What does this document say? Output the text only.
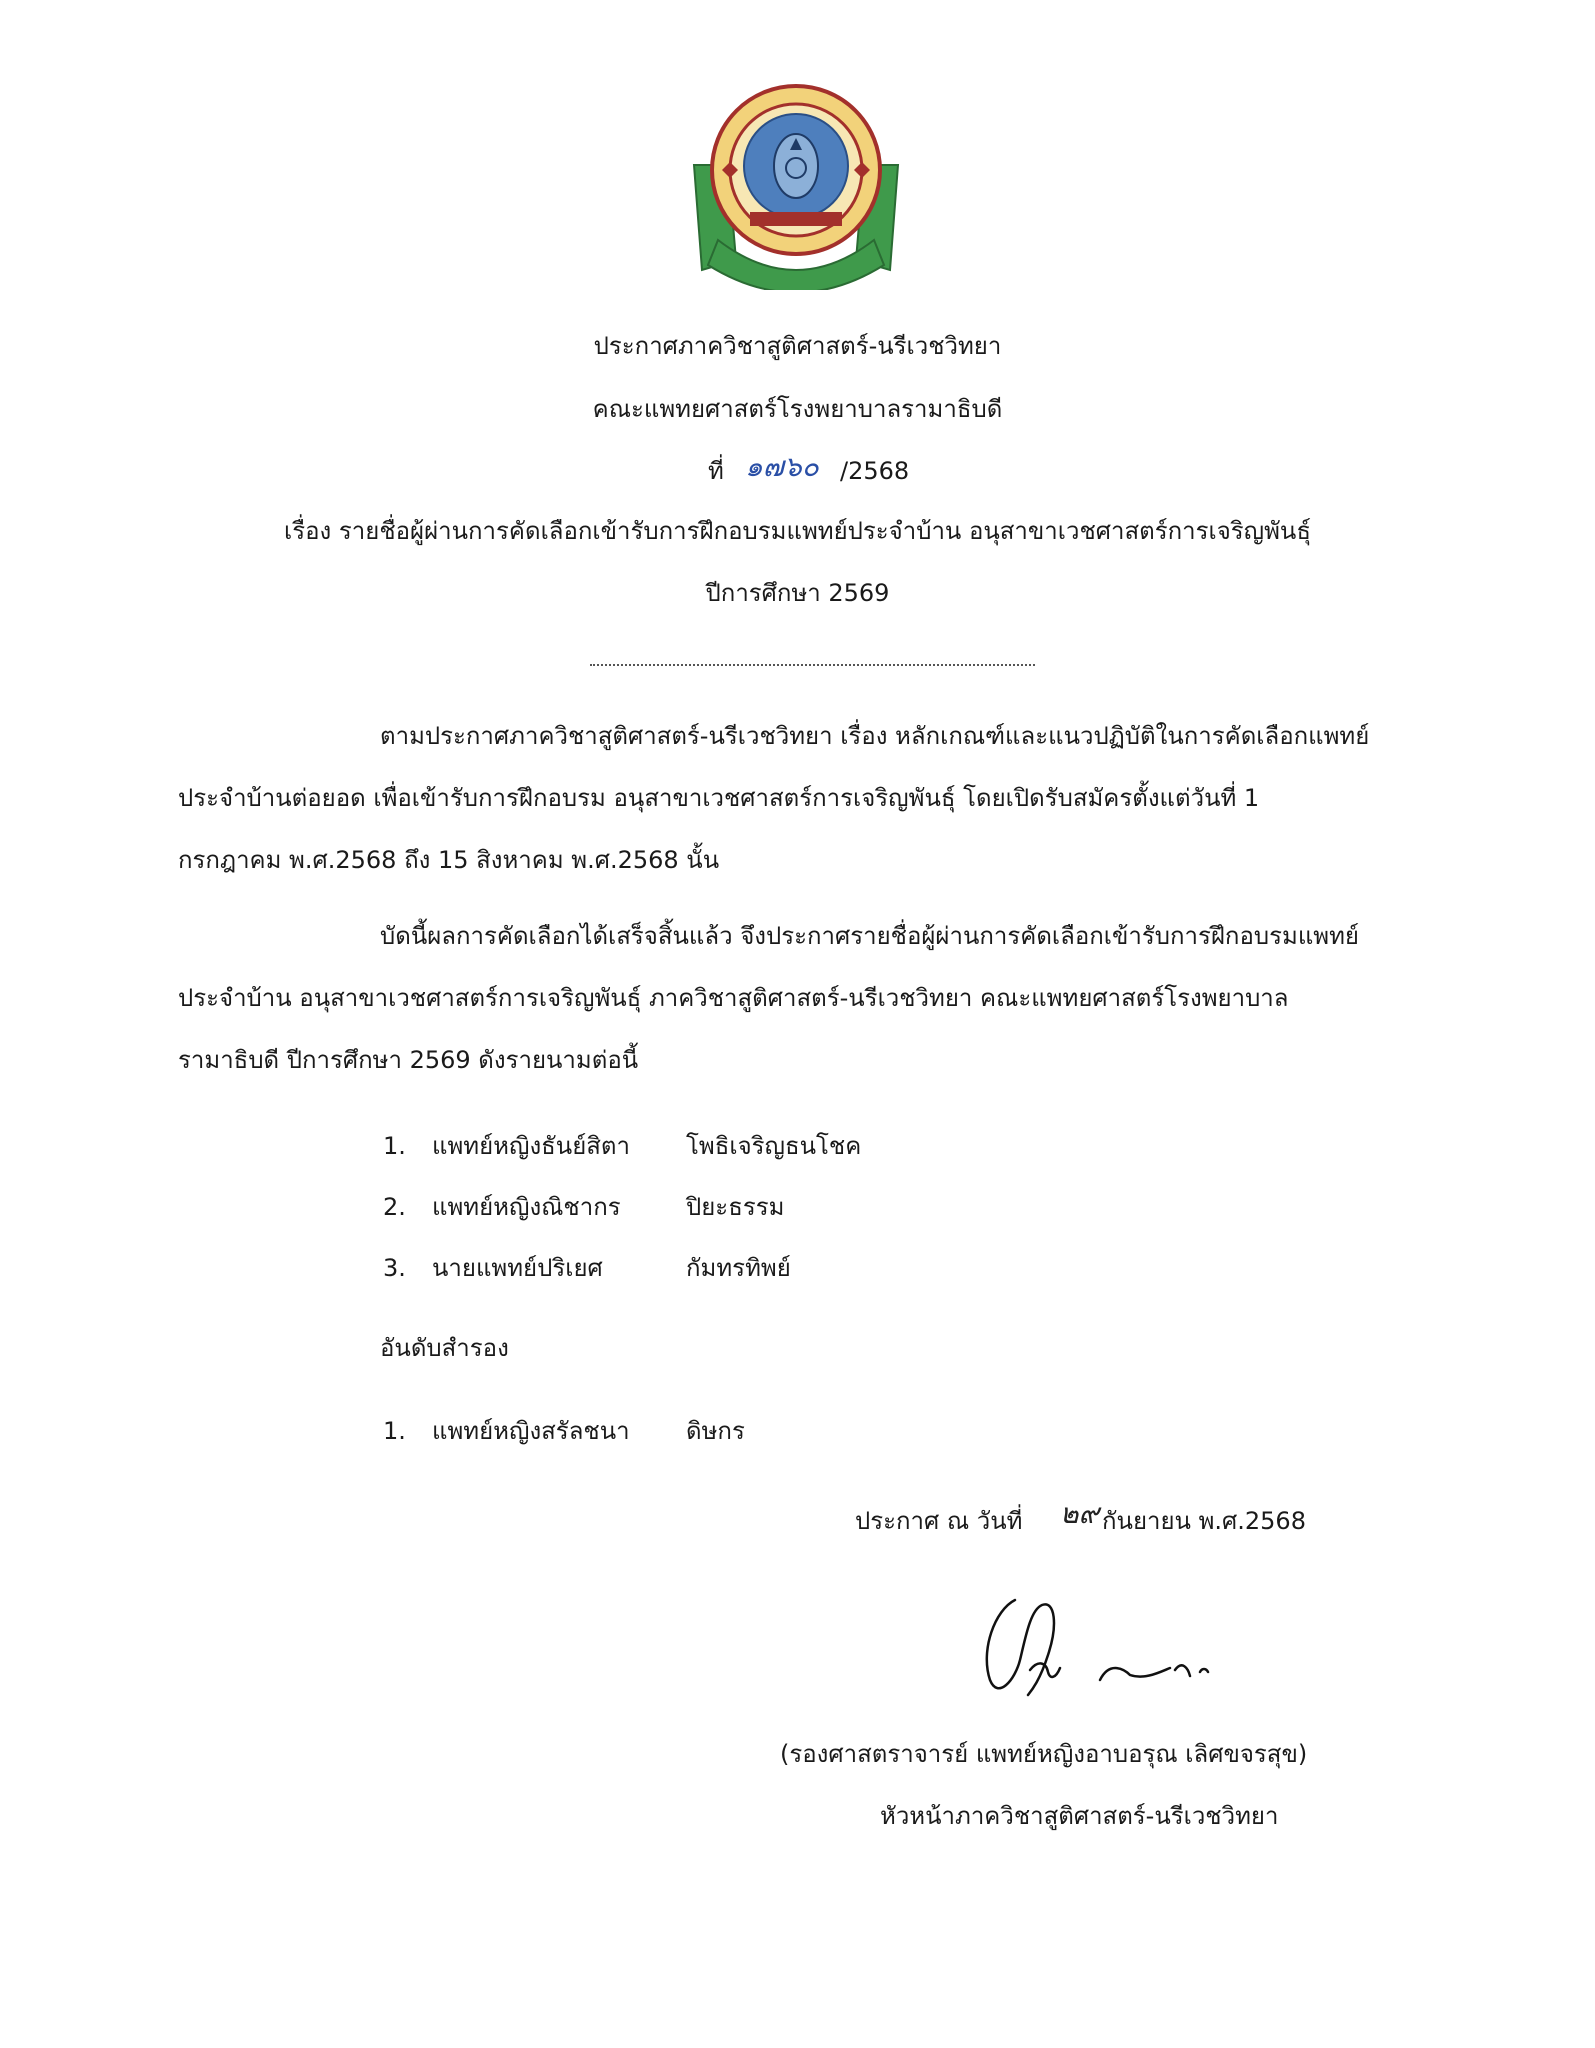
ประกาศภาควิชาสูติศาสตร์-นรีเวชวิทยา
คณะแพทยศาสตร์โรงพยาบาลรามาธิบดี
ที่ ๑๗๖๐ /2568
เรื่อง รายชื่อผู้ผ่านการคัดเลือกเข้ารับการฝึกอบรมแพทย์ประจำบ้าน อนุสาขาเวชศาสตร์การเจริญพันธุ์
ปีการศึกษา 2569
ตามประกาศภาควิชาสูติศาสตร์-นรีเวชวิทยา เรื่อง หลักเกณฑ์และแนวปฏิบัติในการคัดเลือกแพทย์
ประจำบ้านต่อยอด เพื่อเข้ารับการฝึกอบรม อนุสาขาเวชศาสตร์การเจริญพันธุ์ โดยเปิดรับสมัครตั้งแต่วันที่ 1
กรกฎาคม พ.ศ.2568 ถึง 15 สิงหาคม พ.ศ.2568 นั้น
บัดนี้ผลการคัดเลือกได้เสร็จสิ้นแล้ว จึงประกาศรายชื่อผู้ผ่านการคัดเลือกเข้ารับการฝึกอบรมแพทย์
ประจำบ้าน อนุสาขาเวชศาสตร์การเจริญพันธุ์ ภาควิชาสูติศาสตร์-นรีเวชวิทยา คณะแพทยศาสตร์โรงพยาบาล
รามาธิบดี ปีการศึกษา 2569 ดังรายนามต่อนี้
1. แพทย์หญิงธันย์สิตา โพธิเจริญธนโชค
2. แพทย์หญิงณิชากร	ปิยะธรรม
3. นายแพทย์ปริเยศ	กัมทรทิพย์
อันดับสำรอง
1. แพทย์หญิงสรัลชนา ดิษกร
ประกาศ ณ วันที่ ๒๙ กันยายน พ.ศ.2568
(รองศาสตราจารย์ แพทย์หญิงอาบอรุณ เลิศขจรสุข)
หัวหน้าภาควิชาสูติศาสตร์-นรีเวชวิทยา
